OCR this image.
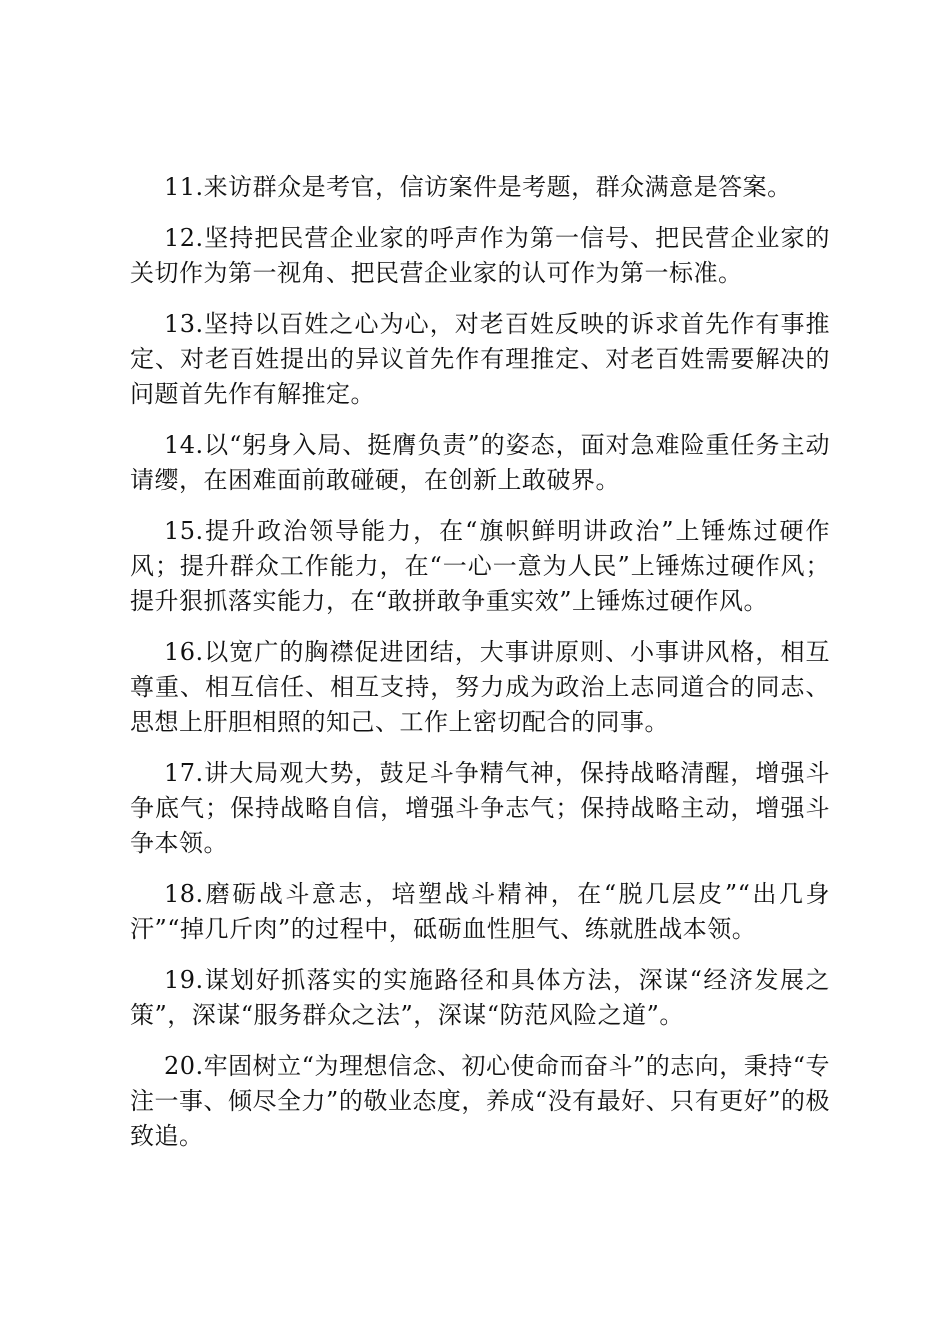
11.来访群众是考官，信访案件是考题，群众满意是答案。

12.坚持把民营企业家的呼声作为第一信号、把民营企业家的关切作为第一视角、把民营企业家的认可作为第一标准。

13.坚持以百姓之心为心，对老百姓反映的诉求首先作有事推定、对老百姓提出的异议首先作有理推定、对老百姓需要解决的问题首先作有解推定。

14.以“躬身入局、挺膺负责”的姿态，面对急难险重任务主动请缨，在困难面前敢碰硬，在创新上敢破界。

15.提升政治领导能力，在“旗帜鲜明讲政治”上锤炼过硬作风；提升群众工作能力，在“一心一意为人民”上锤炼过硬作风；提升狠抓落实能力，在“敢拼敢争重实效”上锤炼过硬作风。

16.以宽广的胸襟促进团结，大事讲原则、小事讲风格，相互尊重、相互信任、相互支持，努力成为政治上志同道合的同志、思想上肝胆相照的知己、工作上密切配合的同事。

17.讲大局观大势，鼓足斗争精气神，保持战略清醒，增强斗争底气；保持战略自信，增强斗争志气；保持战略主动，增强斗争本领。

18.磨砺战斗意志，培塑战斗精神，在“脱几层皮”“出几身汗”“掉几斤肉”的过程中，砥砺血性胆气、练就胜战本领。

19.谋划好抓落实的实施路径和具体方法，深谋“经济发展之策”，深谋“服务群众之法”，深谋“防范风险之道”。

20.牢固树立“为理想信念、初心使命而奋斗”的志向，秉持“专注一事、倾尽全力”的敬业态度，养成“没有最好、只有更好”的极致追。
